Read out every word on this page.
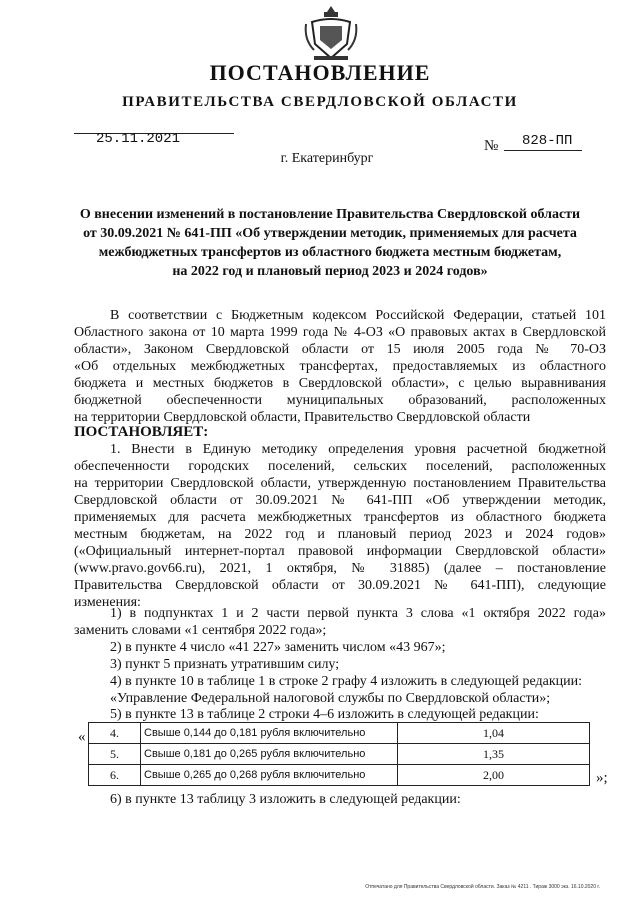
ПОСТАНОВЛЕНИЕ
ПРАВИТЕЛЬСТВА СВЕРДЛОВСКОЙ ОБЛАСТИ
25.11.2021	№ 828-ПП
г. Екатеринбург
О внесении изменений в постановление Правительства Свердловской области
от 30.09.2021 № 641-ПП «Об утверждении методик, применяемых для расчета
межбюджетных трансфертов из областного бюджета местным бюджетам,
на 2022 год и плановый период 2023 и 2024 годов»
В соответствии с Бюджетным кодексом Российской Федерации, статьей 101
Областного закона от 10 марта 1999 года № 4-ОЗ «О правовых актах в Свердловской
области», Законом Свердловской области от 15 июля 2005 года № 70-ОЗ
«Об отдельных межбюджетных трансфертах, предоставляемых из областного
бюджета и местных бюджетов в Свердловской области», с целью выравнивания
бюджетной обеспеченности муниципальных образований, расположенных
на территории Свердловской области, Правительство Свердловской области
ПОСТАНОВЛЯЕТ:
1. Внести в Единую методику определения уровня расчетной бюджетной
обеспеченности городских поселений, сельских поселений, расположенных
на территории Свердловской области, утвержденную постановлением Правительства
Свердловской области от 30.09.2021 № 641-ПП «Об утверждении методик,
применяемых для расчета межбюджетных трансфертов из областного бюджета
местным бюджетам, на 2022 год и плановый период 2023 и 2024 годов»
(«Официальный интернет-портал правовой информации Свердловской области»
(www.pravo.gov66.ru), 2021, 1 октября, № 31885) (далее – постановление
Правительства Свердловской области от 30.09.2021 № 641-ПП), следующие
изменения:
1) в подпунктах 1 и 2 части первой пункта 3 слова «1 октября 2022 года»
заменить словами «1 сентября 2022 года»;
2) в пункте 4 число «41 227» заменить числом «43 967»;
3) пункт 5 признать утратившим силу;
4) в пункте 10 в таблице 1 в строке 2 графу 4 изложить в следующей редакции:
«Управление Федеральной налоговой службы по Свердловской области»;
5) в пункте 13 в таблице 2 строки 4–6 изложить в следующей редакции:
« 4.	Свыше 0,144 до 0,181 рубля включительно	1,04
5.	Свыше 0,181 до 0,265 рубля включительно	1,35
6.	Свыше 0,265 до 0,268 рубля включительно	2,00	»;
6) в пункте 13 таблицу 3 изложить в следующей редакции:
Отпечатано для Правительства Свердловской области. Заказ № 4211 . Тираж 3000 экз. 16.10.2020 г.
